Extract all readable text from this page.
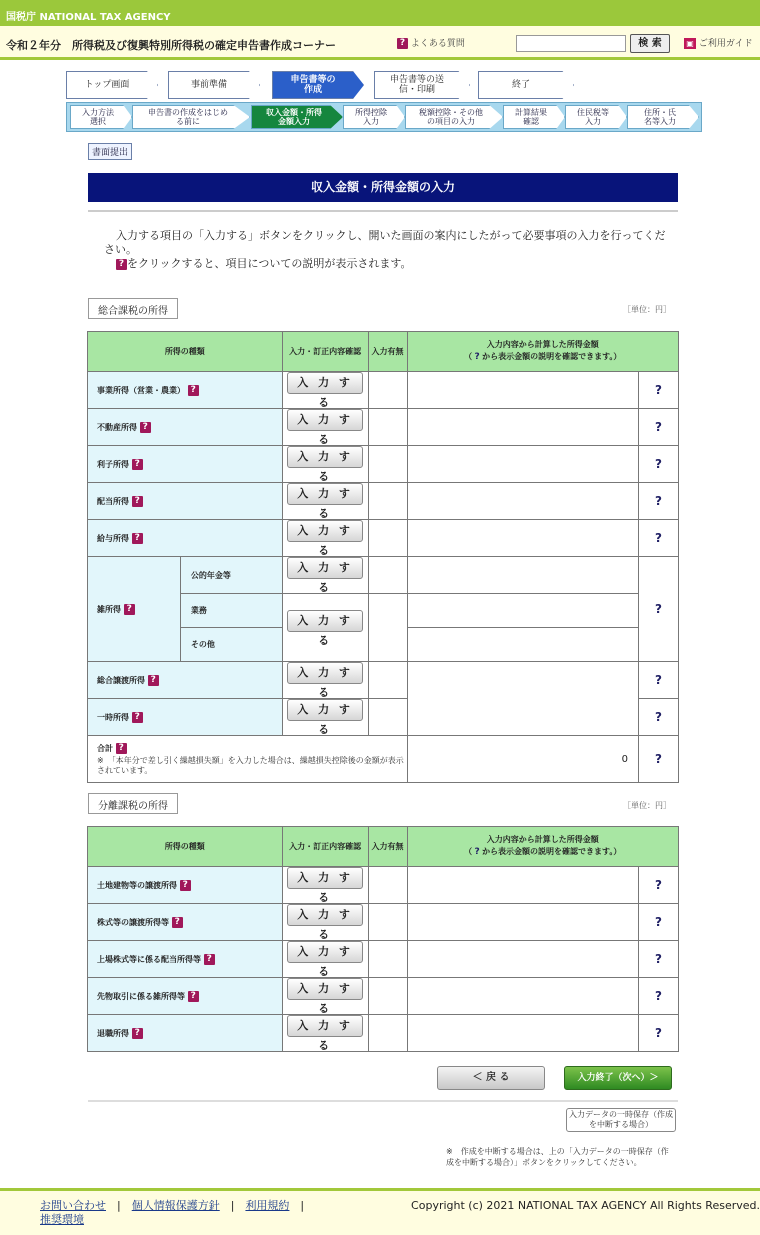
国税庁 NATIONAL TAX AGENCY
令和２年分　所得税及び復興特別所得税の確定申告書作成コーナー	? よくある質問	検 索	▣ ご利用ガイド
トップ画面	事前準備	申告書等の作成
申告書等の送信・印刷	終了
入力方法選択
申告書の作成をはじめる前に
収入金額・所得金額入力
所得控除入力
税額控除・その他の項目の入力
計算結果確認
住民税等入力
住所・氏名等入力
書面提出
収入金額・所得金額の入力

入力する項目の「入力する」ボタンをクリックし、開いた画面の案内にしたがって必要事項の入力を行ってください。

? をクリックすると、項目についての説明が表示されます。

総合課税の所得	［単位：円］
所得の種類		入力・訂正内容確認	入力有無	入力内容から計算した所得金額
（ ? から表示金額の説明を確認できます。）	
事業所得（営業・農業） ?		入 力 す る			?
不動産所得 ?		入 力 す る			?
利子所得 ?		入 力 す る			?
配当所得 ?		入 力 す る			?
給与所得 ?		入 力 す る			?
雑所得 ?	公的年金等	入 力 す る			?
	業務	入 力 す る			
	その他				
総合譲渡所得 ?		入 力 す る			?
一時所得 ?		入 力 す る			?
合計 ?
※　「本年分で差し引く繰越損失額」を入力した場合は、繰越損失控除後の金額が表示されています。				0	?
分離課税の所得	［単位：円］
所得の種類	入力・訂正内容確認	入力有無	入力内容から計算した所得金額
（ ? から表示金額の説明を確認できます。）	
土地建物等の譲渡所得 ?	入 力 す る			?
株式等の譲渡所得等 ?	入 力 す る			?
上場株式等に係る配当所得等 ?	入 力 す る			?
先物取引に係る雑所得等 ?	入 力 す る			?
退職所得 ?	入 力 す る			?
＜ 戻 る	入力終了（次へ）＞
入力データの一時保存（作成を中断する場合）
※　作成を中断する場合は、上の「入力データの一時保存（作成を中断する場合）」ボタンをクリックしてください。
お問い合わせ　|　個人情報保護方針　|　利用規約　|
推奨環境
Copyright (c) 2021 NATIONAL TAX AGENCY All Rights Reserved.
